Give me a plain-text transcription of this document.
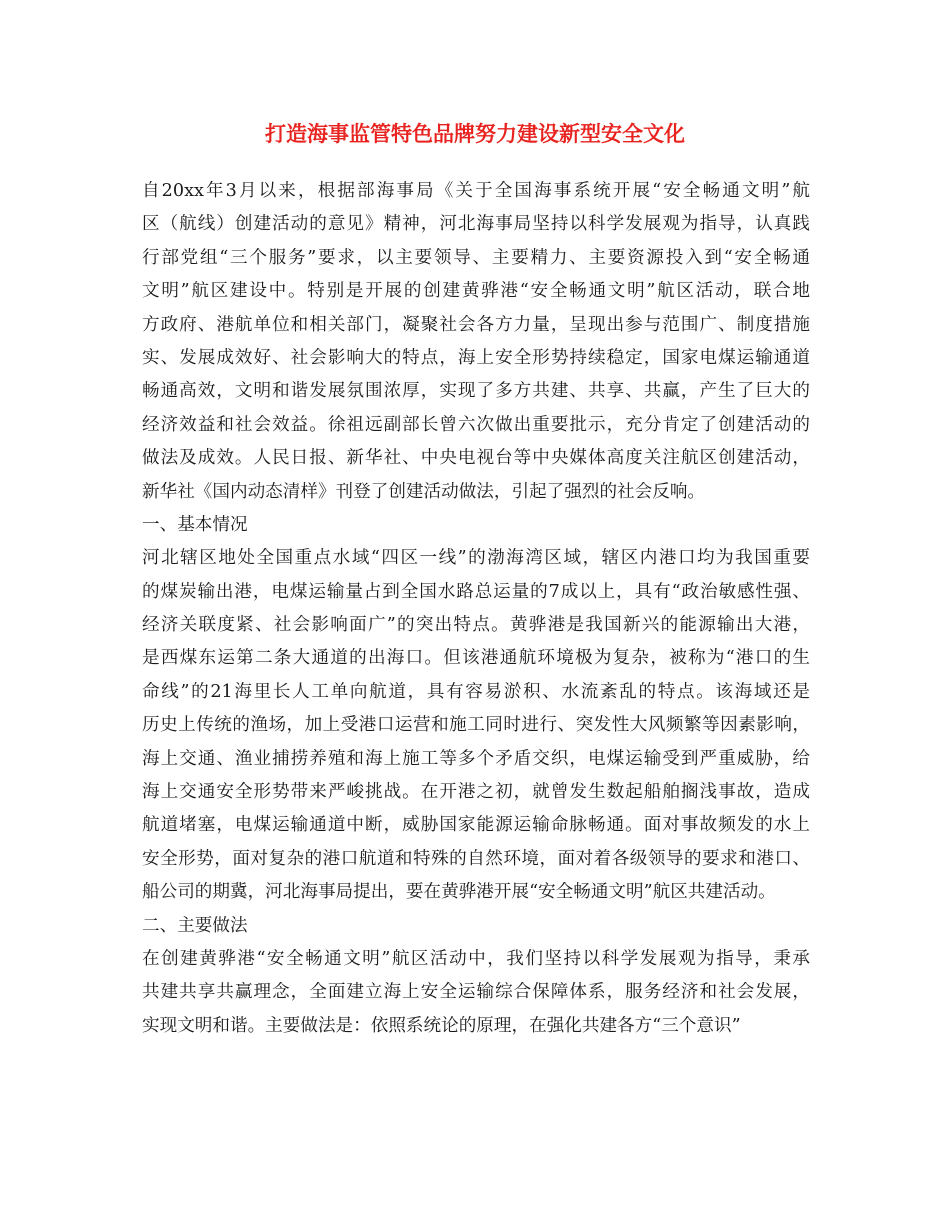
打造海事监管特色品牌努力建设新型安全文化
自20xx年3月以来，根据部海事局《关于全国海事系统开展“安全畅通文明”航
区（航线）创建活动的意见》精神，河北海事局坚持以科学发展观为指导，认真践
行部党组“三个服务”要求，以主要领导、主要精力、主要资源投入到“安全畅通
文明”航区建设中。特别是开展的创建黄骅港“安全畅通文明”航区活动，联合地
方政府、港航单位和相关部门，凝聚社会各方力量，呈现出参与范围广、制度措施
实、发展成效好、社会影响大的特点，海上安全形势持续稳定，国家电煤运输通道
畅通高效，文明和谐发展氛围浓厚，实现了多方共建、共享、共赢，产生了巨大的
经济效益和社会效益。徐祖远副部长曾六次做出重要批示，充分肯定了创建活动的
做法及成效。人民日报、新华社、中央电视台等中央媒体高度关注航区创建活动，
新华社《国内动态清样》刊登了创建活动做法，引起了强烈的社会反响。
一、基本情况
河北辖区地处全国重点水域“四区一线”的渤海湾区域，辖区内港口均为我国重要
的煤炭输出港，电煤运输量占到全国水路总运量的7成以上，具有“政治敏感性强、
经济关联度紧、社会影响面广”的突出特点。黄骅港是我国新兴的能源输出大港，
是西煤东运第二条大通道的出海口。但该港通航环境极为复杂，被称为“港口的生
命线”的21海里长人工单向航道，具有容易淤积、水流紊乱的特点。该海域还是
历史上传统的渔场，加上受港口运营和施工同时进行、突发性大风频繁等因素影响，
海上交通、渔业捕捞养殖和海上施工等多个矛盾交织，电煤运输受到严重威胁，给
海上交通安全形势带来严峻挑战。在开港之初，就曾发生数起船舶搁浅事故，造成
航道堵塞，电煤运输通道中断，威胁国家能源运输命脉畅通。面对事故频发的水上
安全形势，面对复杂的港口航道和特殊的自然环境，面对着各级领导的要求和港口、
船公司的期冀，河北海事局提出，要在黄骅港开展“安全畅通文明”航区共建活动。
二、主要做法
在创建黄骅港“安全畅通文明”航区活动中，我们坚持以科学发展观为指导，秉承
共建共享共赢理念，全面建立海上安全运输综合保障体系，服务经济和社会发展，
实现文明和谐。主要做法是：依照系统论的原理，在强化共建各方“三个意识”
